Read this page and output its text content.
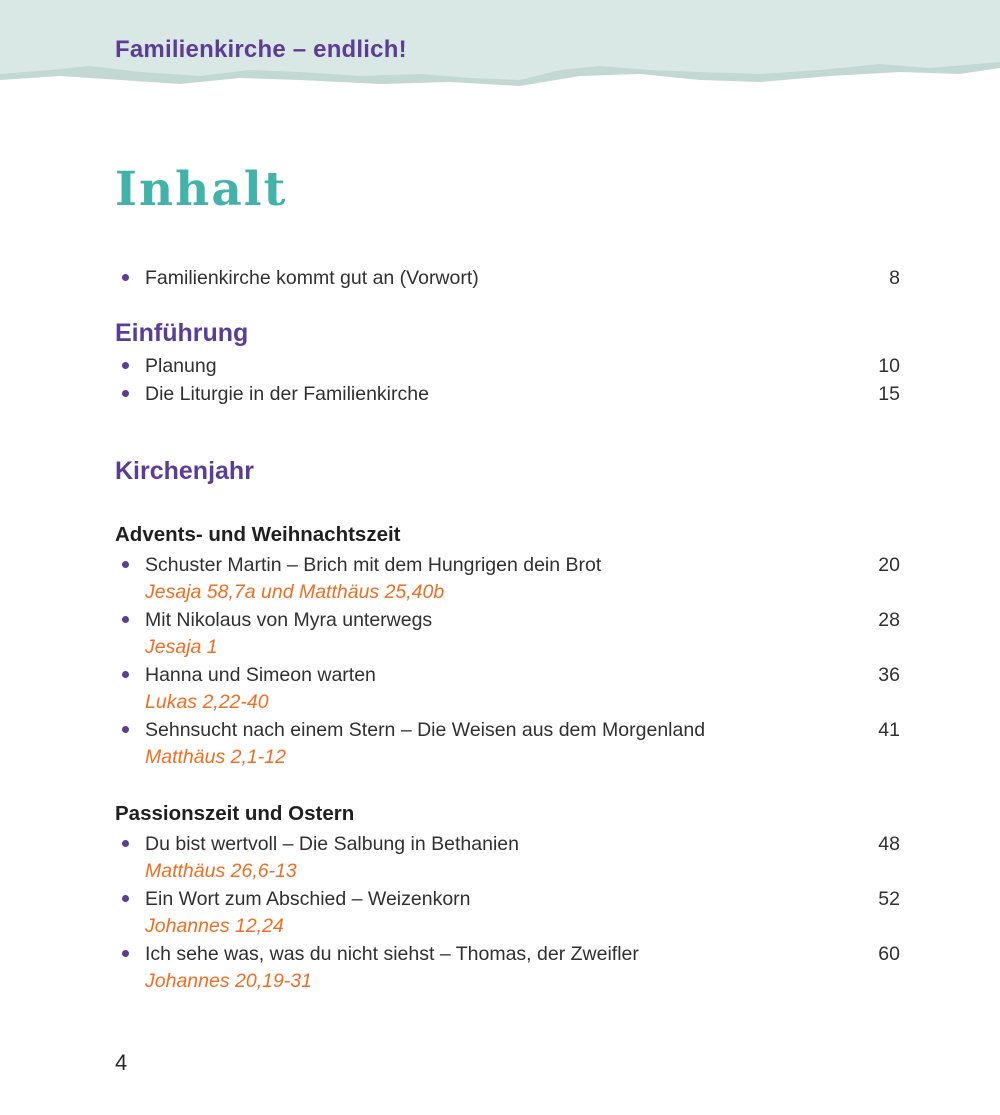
Familienkirche – endlich!
Inhalt
Familienkirche kommt gut an (Vorwort)	8
Einführung
Planung	10
Die Liturgie in der Familienkirche	15
Kirchenjahr
Advents- und Weihnachtszeit
Schuster Martin – Brich mit dem Hungrigen dein Brot	20
Jesaja 58,7a und Matthäus 25,40b
Mit Nikolaus von Myra unterwegs	28
Jesaja 1
Hanna und Simeon warten	36
Lukas 2,22-40
Sehnsucht nach einem Stern – Die Weisen aus dem Morgenland	41
Matthäus 2,1-12
Passionszeit und Ostern
Du bist wertvoll – Die Salbung in Bethanien	48
Matthäus 26,6-13
Ein Wort zum Abschied – Weizenkorn	52
Johannes 12,24
Ich sehe was, was du nicht siehst – Thomas, der Zweifler	60
Johannes 20,19-31
4
